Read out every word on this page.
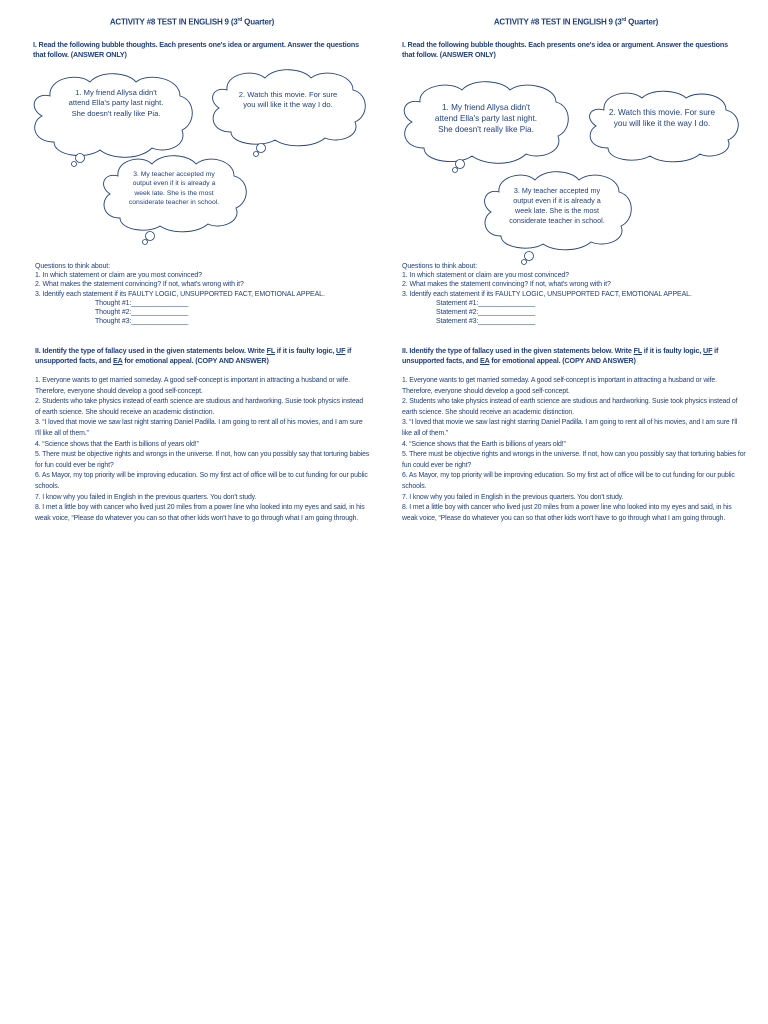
ACTIVITY #8 TEST IN ENGLISH 9 (3rd Quarter)
I. Read the following bubble thoughts. Each presents one's idea or argument. Answer the questions that follow. (ANSWER ONLY)
1. My friend Allysa didn't attend Ella's party last night. She doesn't really like Pia.
2. Watch this movie. For sure you will like it the way I do.
3. My teacher accepted my output even if it is already a week late. She is the most considerate teacher in school.
Questions to think about:
1. In which statement or claim are you most convinced?
2. What makes the statement convincing? If not, what's wrong with it?
3. Identify each statement if its FAULTY LOGIC, UNSUPPORTED FACT, EMOTIONAL APPEAL.
Thought #1:_______________
Thought #2:_______________
Thought #3:_______________
II. Identify the type of fallacy used in the given statements below. Write FL if it is faulty logic, UF if unsupported facts, and EA for emotional appeal. (COPY AND ANSWER)
1. Everyone wants to get married someday. A good self-concept is important in attracting a husband or wife. Therefore, everyone should develop a good self-concept.
2. Students who take physics instead of earth science are studious and hardworking. Susie took physics instead of earth science. She should receive an academic distinction.
3. “I loved that movie we saw last night starring Daniel Padilla. I am going to rent all of his movies, and I am sure I'll like all of them.”
4. “Science shows that the Earth is billions of years old!”
5. There must be objective rights and wrongs in the universe. If not, how can you possibly say that torturing babies for fun could ever be right?
6. As Mayor, my top priority will be improving education. So my first act of office will be to cut funding for our public schools.
7. I know why you failed in English in the previous quarters. You don't study.
8. I met a little boy with cancer who lived just 20 miles from a power line who looked into my eyes and said, in his weak voice, “Please do whatever you can so that other kids won't have to go through what I am going through.
ACTIVITY #8 TEST IN ENGLISH 9 (3rd Quarter)
I. Read the following bubble thoughts. Each presents one's idea or argument. Answer the questions that follow. (ANSWER ONLY)
1. My friend Allysa didn't attend Ella's party last night. She doesn't really like Pia.
2. Watch this movie. For sure you will like it the way I do.
3. My teacher accepted my output even if it is already a week late. She is the most considerate teacher in school.
Questions to think about:
1. In which statement or claim are you most convinced?
2. What makes the statement convincing? If not, what's wrong with it?
3. Identify each statement if its FAULTY LOGIC, UNSUPPORTED FACT, EMOTIONAL APPEAL.
Statement #1:_______________
Statement #2:_______________
Statement #3:_______________
II. Identify the type of fallacy used in the given statements below. Write FL if it is faulty logic, UF if unsupported facts, and EA for emotional appeal. (COPY AND ANSWER)
1. Everyone wants to get married someday. A good self-concept is important in attracting a husband or wife. Therefore, everyone should develop a good self-concept.
2. Students who take physics instead of earth science are studious and hardworking. Susie took physics instead of earth science. She should receive an academic distinction.
3. “I loved that movie we saw last night starring Daniel Padilla. I am going to rent all of his movies, and I am sure I'll like all of them.”
4. “Science shows that the Earth is billions of years old!”
5. There must be objective rights and wrongs in the universe. If not, how can you possibly say that torturing babies for fun could ever be right?
6. As Mayor, my top priority will be improving education. So my first act of office will be to cut funding for our public schools.
7. I know why you failed in English in the previous quarters. You don't study.
8. I met a little boy with cancer who lived just 20 miles from a power line who looked into my eyes and said, in his weak voice, “Please do whatever you can so that other kids won't have to go through what I am going through.
